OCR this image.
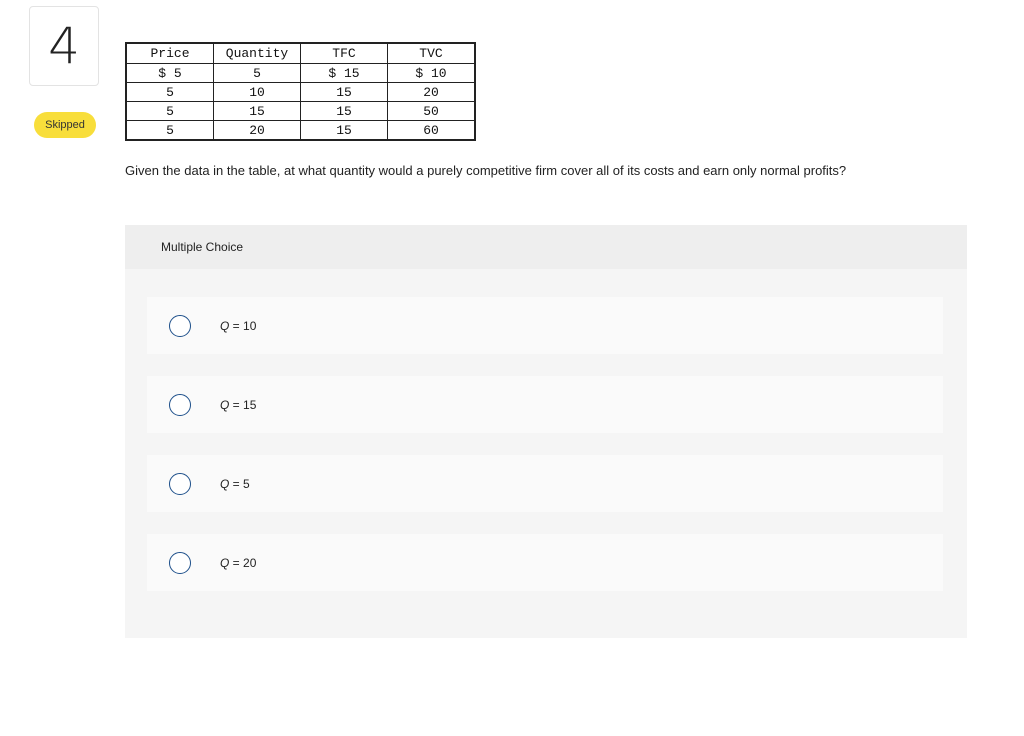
4
Skipped
Price	Quantity	TFC	TVC
$ 5	5	$ 15	$ 10
5	10	15	20
5	15	15	50
5	20	15	60
Given the data in the table, at what quantity would a purely competitive firm cover all of its costs and earn only normal profits?
Multiple Choice
Q = 10
Q = 15
Q = 5
Q = 20
